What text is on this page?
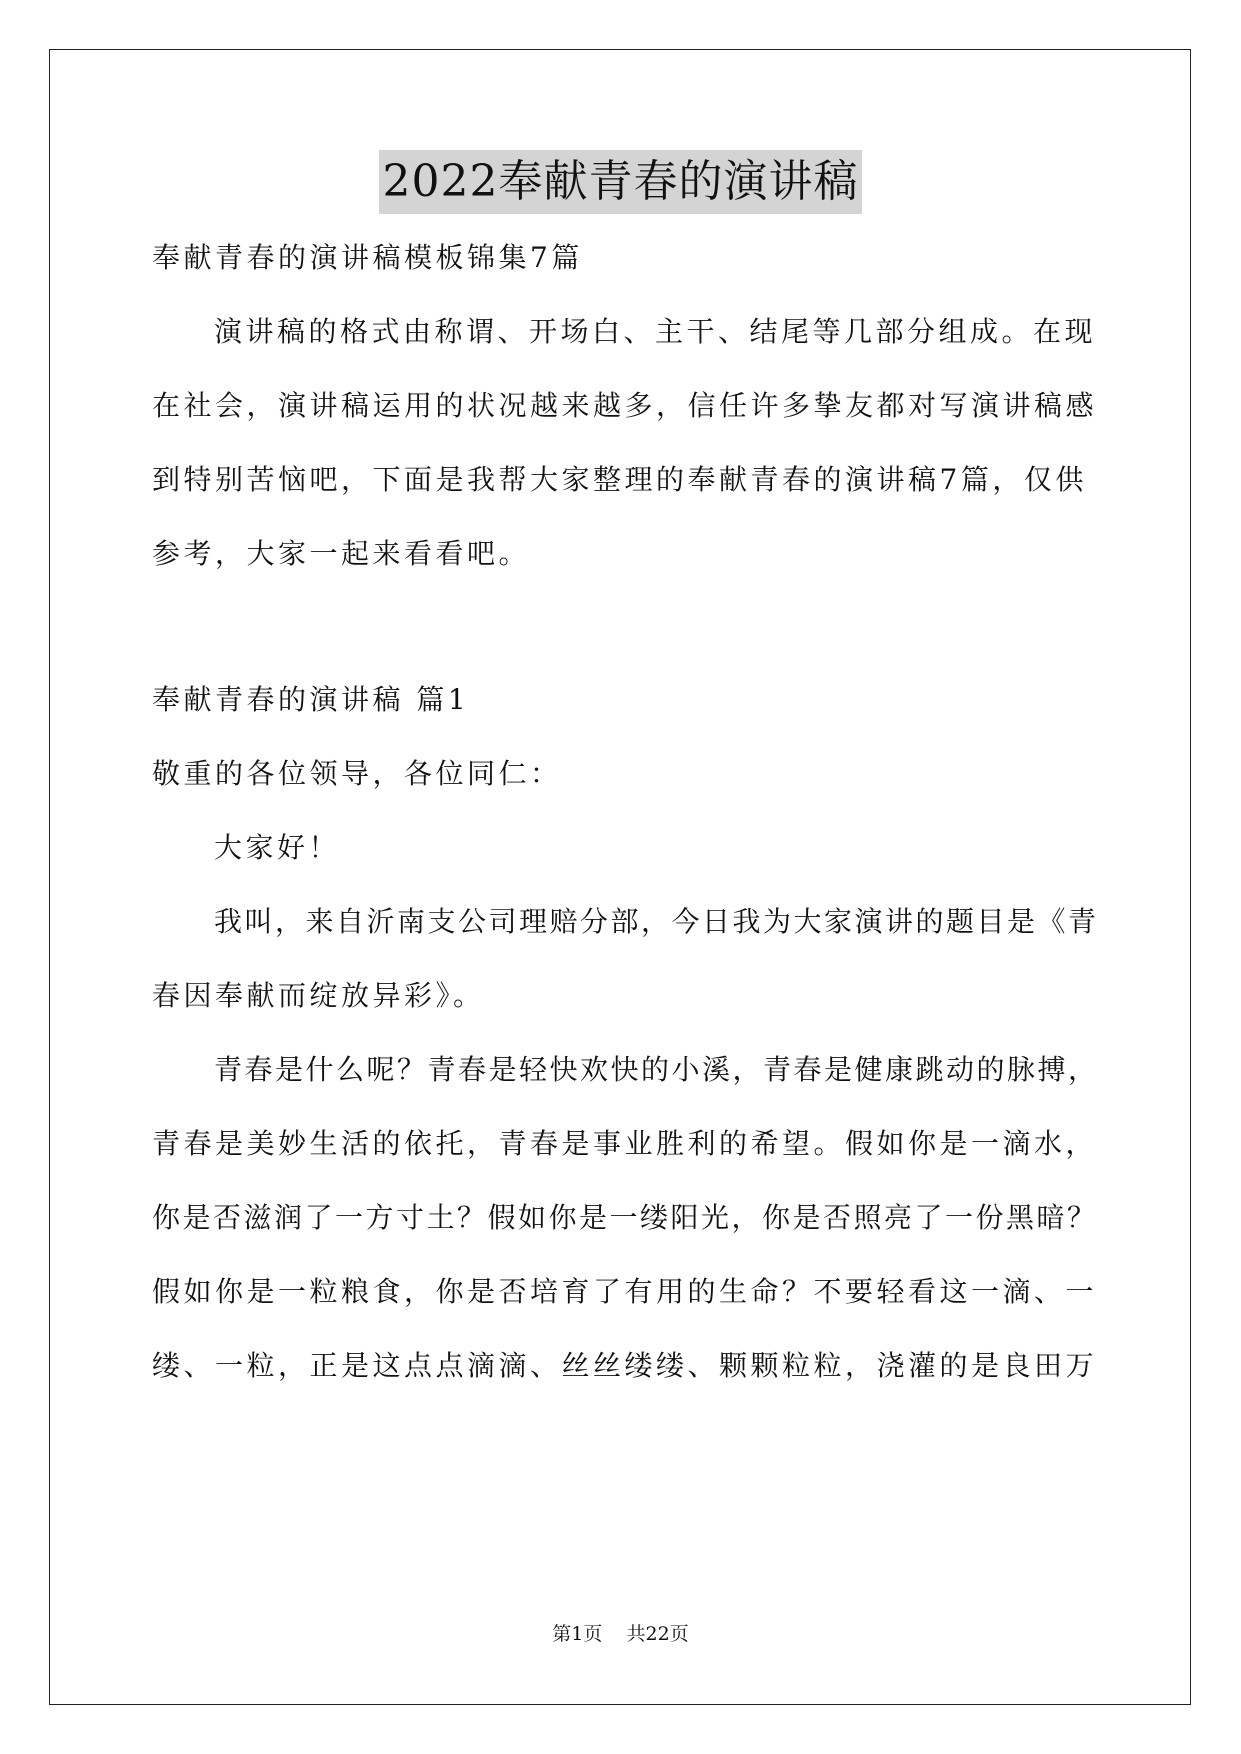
2022奉献青春的演讲稿
奉献青春的演讲稿模板锦集7篇
演讲稿的格式由称谓、开场白、主干、结尾等几部分组成。在现
在社会，演讲稿运用的状况越来越多，信任许多挚友都对写演讲稿感
到特别苦恼吧，下面是我帮大家整理的奉献青春的演讲稿7篇，仅供
参考，大家一起来看看吧。
奉献青春的演讲稿 篇1
敬重的各位领导，各位同仁：
大家好！
我叫，来自沂南支公司理赔分部，今日我为大家演讲的题目是《青
春因奉献而绽放异彩》。
青春是什么呢？青春是轻快欢快的小溪，青春是健康跳动的脉搏，
青春是美妙生活的依托，青春是事业胜利的希望。假如你是一滴水，
你是否滋润了一方寸土？假如你是一缕阳光，你是否照亮了一份黑暗？
假如你是一粒粮食，你是否培育了有用的生命？不要轻看这一滴、一
缕、一粒，正是这点点滴滴、丝丝缕缕、颗颗粒粒，浇灌的是良田万
第1页    共22页
